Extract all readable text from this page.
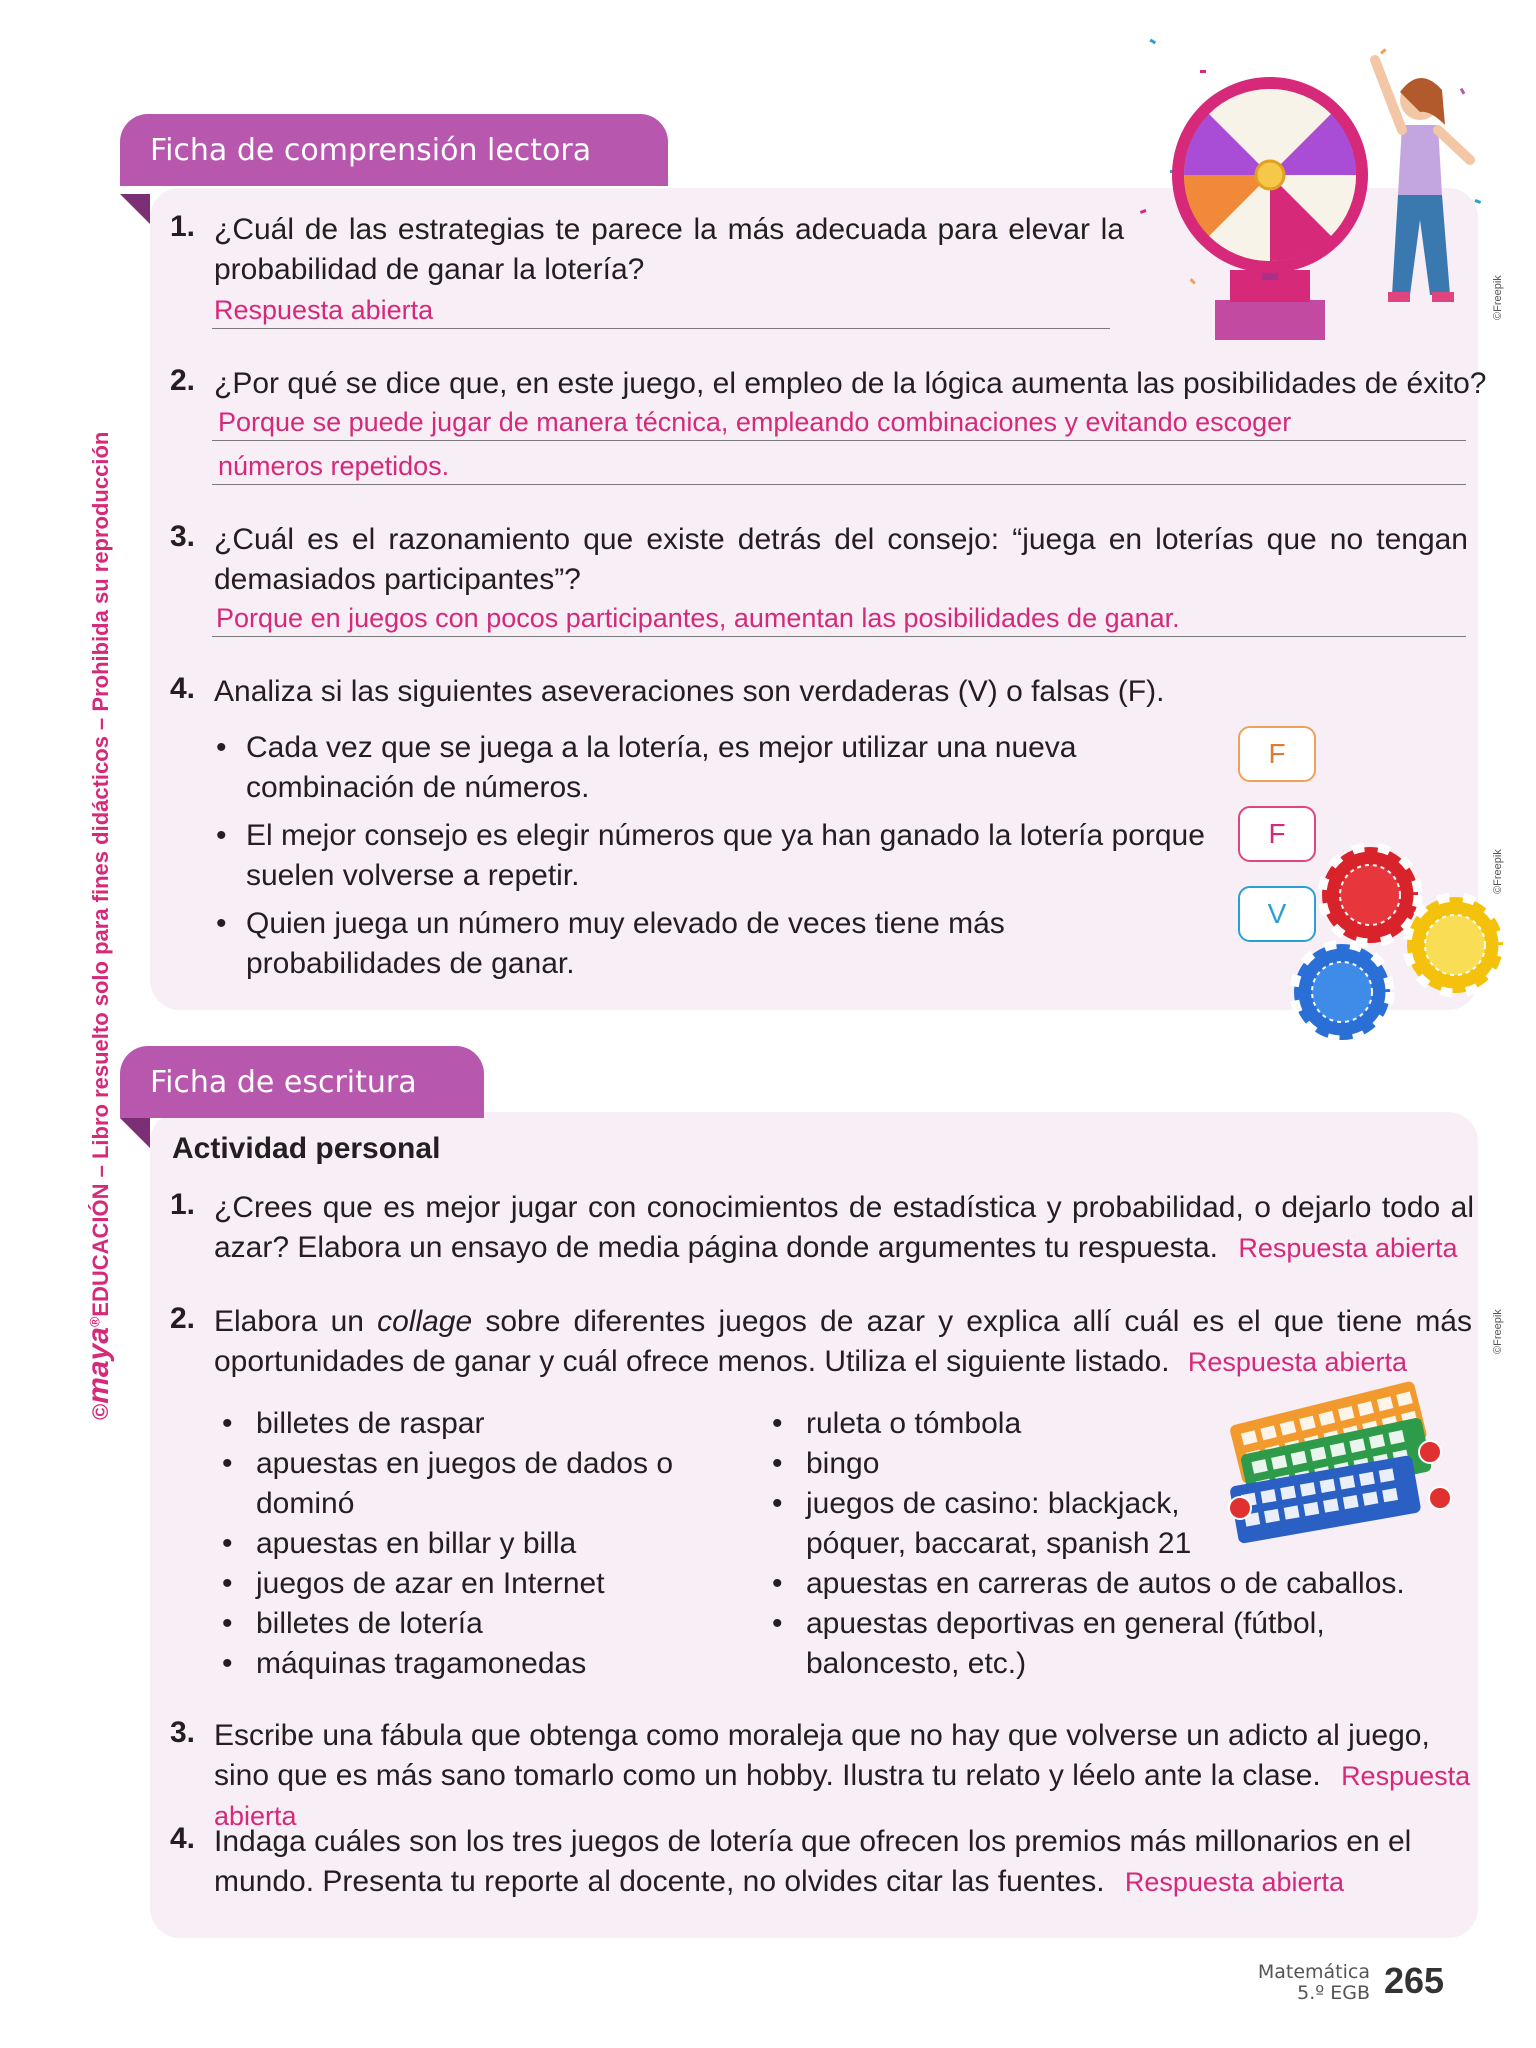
©maya®EDUCACIÓN – Libro resuelto solo para fines didácticos – Prohibida su reproducción
Ficha de comprensión lectora
©Freepik
1. ¿Cuál de las estrategias te parece la más adecuada para elevar la probabilidad de ganar la lotería?
Respuesta abierta
2. ¿Por qué se dice que, en este juego, el empleo de la lógica aumenta las posibilidades de éxito?
Porque se puede jugar de manera técnica, empleando combinaciones y evitando escoger
números repetidos.
3. ¿Cuál es el razonamiento que existe detrás del consejo: “juega en loterías que no tengan demasiados participantes”?
Porque en juegos con pocos participantes, aumentan las posibilidades de ganar.
4. Analiza si las siguientes aseveraciones son verdaderas (V) o falsas (F).
• Cada vez que se juega a la lotería, es mejor utilizar una nueva combinación de números.
F
• El mejor consejo es elegir números que ya han ganado la lotería porque suelen volverse a repetir.
F
• Quien juega un número muy elevado de veces tiene más probabilidades de ganar.
V
©Freepik
Ficha de escritura
Actividad personal
1. ¿Crees que es mejor jugar con conocimientos de estadística y probabilidad, o dejarlo todo al azar? Elabora un ensayo de media página donde argumentes tu respuesta. Respuesta abierta
2. Elabora un collage sobre diferentes juegos de azar y explica allí cuál es el que tiene más oportunidades de ganar y cuál ofrece menos. Utiliza el siguiente listado. Respuesta abierta
©Freepik
• billetes de raspar
• apuestas en juegos de dados o dominó
• apuestas en billar y billa
• juegos de azar en Internet
• billetes de lotería
• máquinas tragamonedas
• ruleta o tómbola
• bingo
• juegos de casino: blackjack, póquer, baccarat, spanish 21
• apuestas en carreras de autos o de caballos.
• apuestas deportivas en general (fútbol, baloncesto, etc.)
3. Escribe una fábula que obtenga como moraleja que no hay que volverse un adicto al juego, sino que es más sano tomarlo como un hobby. Ilustra tu relato y léelo ante la clase. Respuesta abierta
4. Indaga cuáles son los tres juegos de lotería que ofrecen los premios más millonarios en el mundo. Presenta tu reporte al docente, no olvides citar las fuentes. Respuesta abierta
Matemática
5.º EGB 265
